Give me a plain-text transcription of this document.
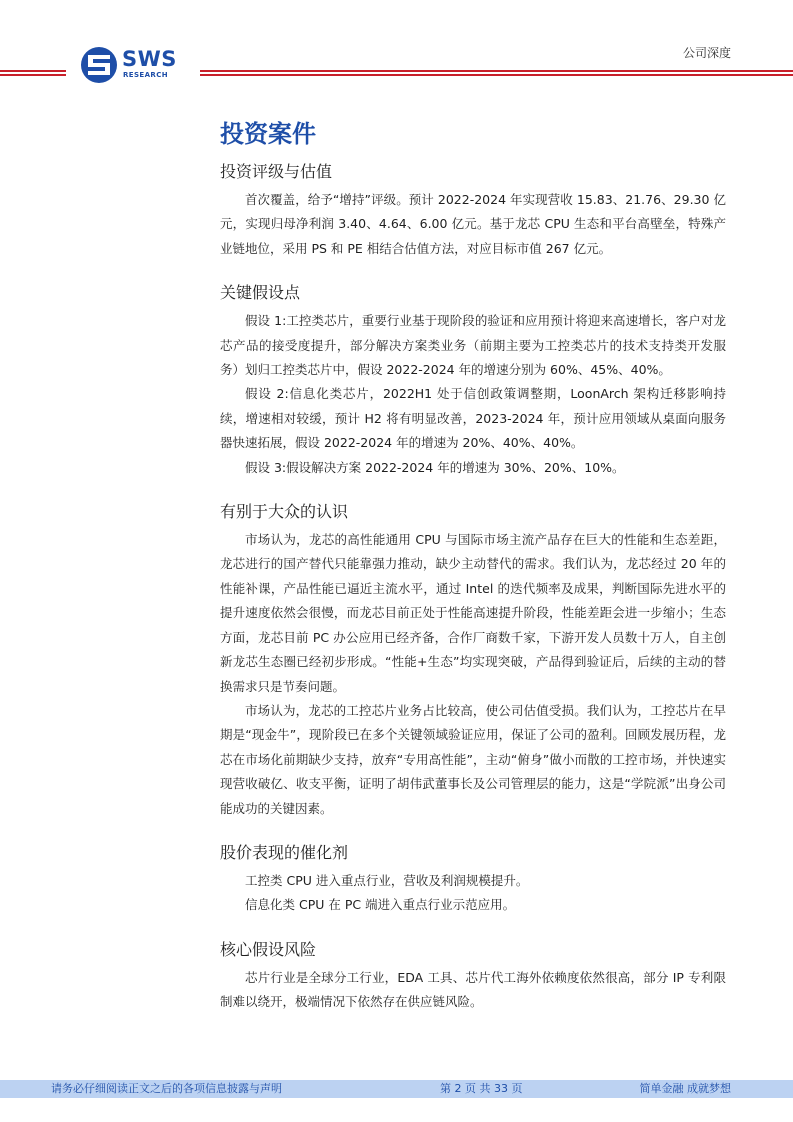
SWS
RESEARCH
公司深度
投资案件
投资评级与估值

首次覆盖，给予“增持”评级。预计 2022-2024 年实现营收 15.83、21.76、29.30 亿元，实现归母净利润 3.40、4.64、6.00 亿元。基于龙芯 CPU 生态和平台高壁垒，特殊产业链地位，采用 PS 和 PE 相结合估值方法，对应目标市值 267 亿元。

关键假设点

假设 1:工控类芯片，重要行业基于现阶段的验证和应用预计将迎来高速增长，客户对龙芯产品的接受度提升，部分解决方案类业务（前期主要为工控类芯片的技术支持类开发服务）划归工控类芯片中，假设 2022-2024 年的增速分别为 60%、45%、40%。

假设 2:信息化类芯片，2022H1 处于信创政策调整期，LoonArch 架构迁移影响持续，增速相对较缓，预计 H2 将有明显改善，2023-2024 年，预计应用领域从桌面向服务器快速拓展，假设 2022-2024 年的增速为 20%、40%、40%。

假设 3:假设解决方案 2022-2024 年的增速为 30%、20%、10%。

有别于大众的认识

市场认为，龙芯的高性能通用 CPU 与国际市场主流产品存在巨大的性能和生态差距，龙芯进行的国产替代只能靠强力推动，缺少主动替代的需求。我们认为，龙芯经过 20 年的性能补课，产品性能已逼近主流水平，通过 Intel 的迭代频率及成果，判断国际先进水平的提升速度依然会很慢，而龙芯目前正处于性能高速提升阶段，性能差距会进一步缩小；生态方面，龙芯目前 PC 办公应用已经齐备，合作厂商数千家，下游开发人员数十万人，自主创新龙芯生态圈已经初步形成。“性能+生态”均实现突破，产品得到验证后，后续的主动的替换需求只是节奏问题。

市场认为，龙芯的工控芯片业务占比较高，使公司估值受损。我们认为，工控芯片在早期是“现金牛”，现阶段已在多个关键领域验证应用，保证了公司的盈利。回顾发展历程，龙芯在市场化前期缺少支持，放弃“专用高性能”，主动“俯身”做小而散的工控市场，并快速实现营收破亿、收支平衡，证明了胡伟武董事长及公司管理层的能力，这是“学院派”出身公司能成功的关键因素。

股价表现的催化剂

工控类 CPU 进入重点行业，营收及利润规模提升。

信息化类 CPU 在 PC 端进入重点行业示范应用。

核心假设风险

芯片行业是全球分工行业，EDA 工具、芯片代工海外依赖度依然很高，部分 IP 专利限制难以绕开，极端情况下依然存在供应链风险。

请务必仔细阅读正文之后的各项信息披露与声明	第 2 页 共 33 页	简单金融 成就梦想
